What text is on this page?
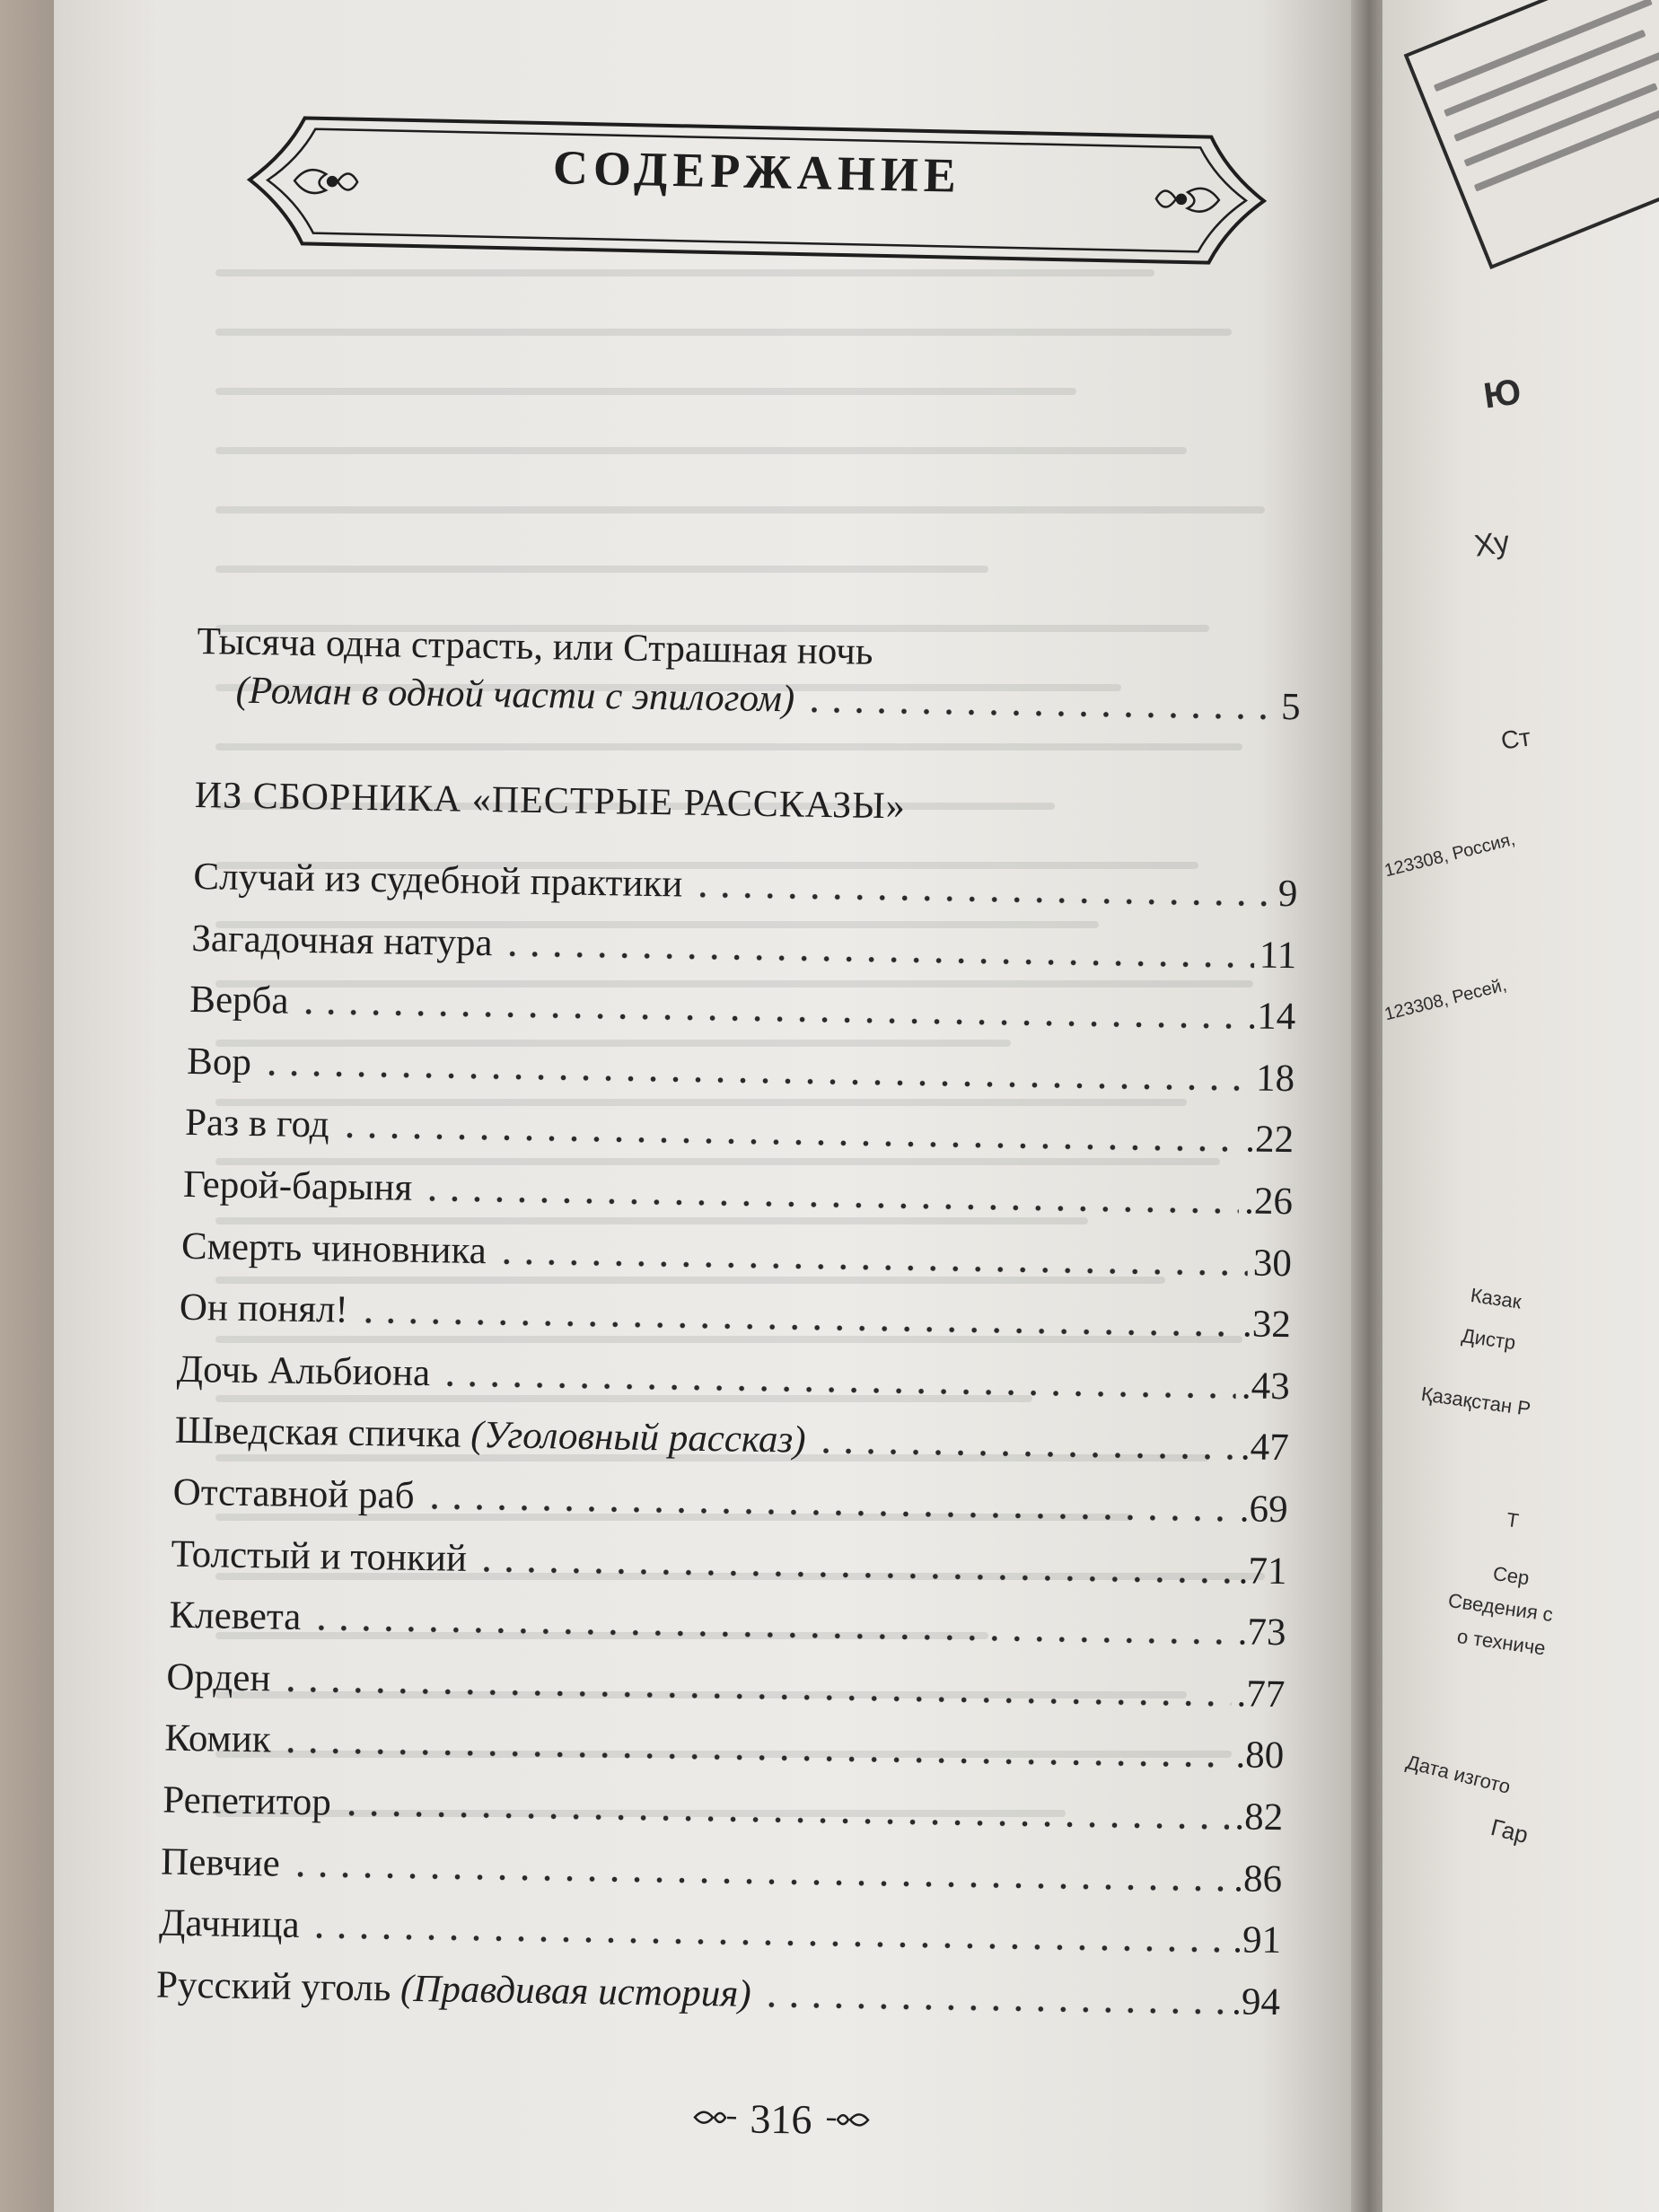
СОДЕРЖАНИЕ
Тысяча одна страсть, или Страшная ночь
(Роман в одной части с эпилогом)	5
ИЗ СБОРНИКА «ПЕСТРЫЕ РАССКАЗЫ»
Случай из судебной практики	9
Загадочная натура	11
Верба	.14
Вор	18
Раз в год	.22
Герой-барыня	.26
Смерть чиновника	30
Он понял!	.32
Дочь Альбиона	.43
Шведская спичка (Уголовный рассказ)	.47
Отставной раб	.69
Толстый и тонкий	.71
Клевета	.73
Орден	.77
Комик	.80
Репетитор	.82
Певчие	.86
Дачница	.91
Русский уголь (Правдивая история)	.94
316
Ю
Ху
Ст
123308, Россия,
123308, Ресей,
Казак
Дистр
Қазақстан Р
Т
Сер
Сведения с
о техниче
Дата изгото
Гар
